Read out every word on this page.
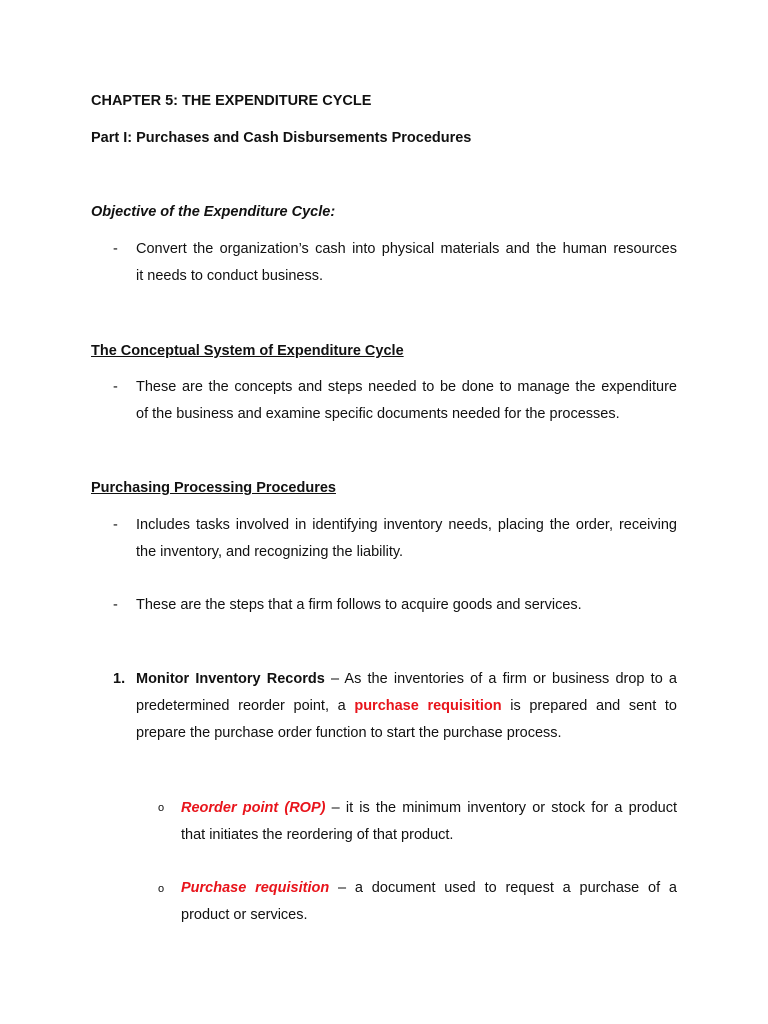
CHAPTER 5: THE EXPENDITURE CYCLE
Part I: Purchases and Cash Disbursements Procedures
Objective of the Expenditure Cycle:
- Convert the organization’s cash into physical materials and the human resources
it needs to conduct business.
The Conceptual System of Expenditure Cycle
- These are the concepts and steps needed to be done to manage the expenditure
of the business and examine specific documents needed for the processes.
Purchasing Processing Procedures
- Includes tasks involved in identifying inventory needs, placing the order, receiving
the inventory, and recognizing the liability.
- These are the steps that a firm follows to acquire goods and services.
1. Monitor Inventory Records – As the inventories of a firm or business drop to a
predetermined reorder point, a purchase requisition is prepared and sent to
prepare the purchase order function to start the purchase process.
o Reorder point (ROP) – it is the minimum inventory or stock for a product
that initiates the reordering of that product.
o Purchase requisition – a document used to request a purchase of a
product or services.
